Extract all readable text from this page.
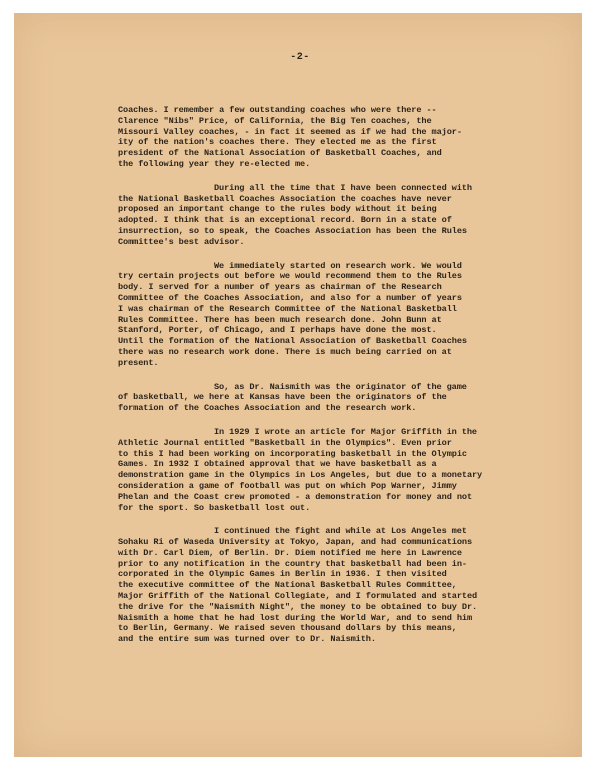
-2-
Coaches. I remember a few outstanding coaches who were there --
Clarence "Nibs" Price, of California, the Big Ten coaches, the
Missouri Valley coaches, - in fact it seemed as if we had the major-
ity of the nation's coaches there. They elected me as the first
president of the National Association of Basketball Coaches, and
the following year they re-elected me.
During all the time that I have been connected with
the National Basketball Coaches Association the coaches have never
proposed an important change to the rules body without it being
adopted. I think that is an exceptional record. Born in a state of
insurrection, so to speak, the Coaches Association has been the Rules
Committee's best advisor.
We immediately started on research work. We would
try certain projects out before we would recommend them to the Rules
body. I served for a number of years as chairman of the Research
Committee of the Coaches Association, and also for a number of years
I was chairman of the Research Committee of the National Basketball
Rules Committee. There has been much research done. John Bunn at
Stanford, Porter, of Chicago, and I perhaps have done the most.
Until the formation of the National Association of Basketball Coaches
there was no research work done. There is much being carried on at
present.
So, as Dr. Naismith was the originator of the game
of basketball, we here at Kansas have been the originators of the
formation of the Coaches Association and the research work.
In 1929 I wrote an article for Major Griffith in the
Athletic Journal entitled "Basketball in the Olympics". Even prior
to this I had been working on incorporating basketball in the Olympic
Games. In 1932 I obtained approval that we have basketball as a
demonstration game in the Olympics in Los Angeles, but due to a monetary
consideration a game of football was put on which Pop Warner, Jimmy
Phelan and the Coast crew promoted - a demonstration for money and not
for the sport. So basketball lost out.
I continued the fight and while at Los Angeles met
Sohaku Ri of Waseda University at Tokyo, Japan, and had communications
with Dr. Carl Diem, of Berlin. Dr. Diem notified me here in Lawrence
prior to any notification in the country that basketball had been in-
corporated in the Olympic Games in Berlin in 1936. I then visited
the executive committee of the National Basketball Rules Committee,
Major Griffith of the National Collegiate, and I formulated and started
the drive for the "Naismith Night", the money to be obtained to buy Dr.
Naismith a home that he had lost during the World War, and to send him
to Berlin, Germany. We raised seven thousand dollars by this means,
and the entire sum was turned over to Dr. Naismith.
